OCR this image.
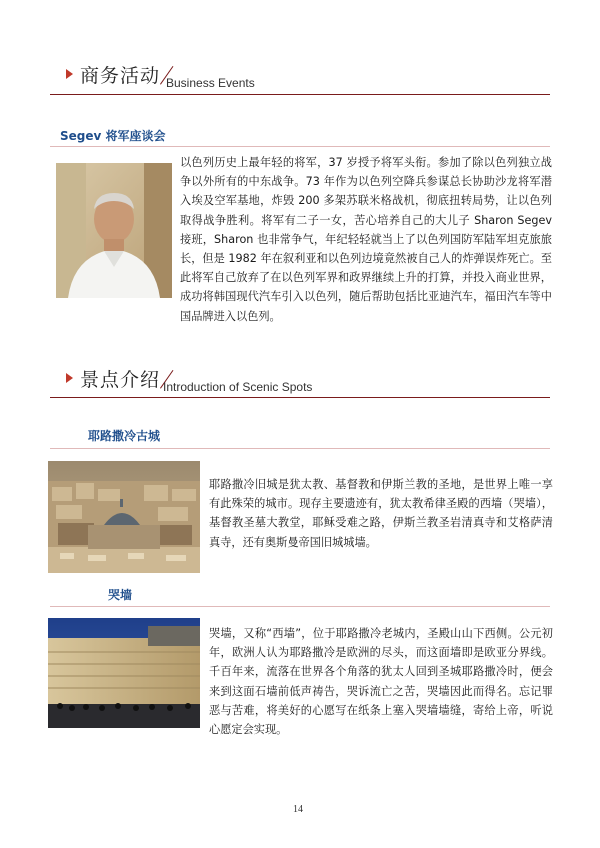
商务活动 Business Events
Segev 将军座谈会

以色列历史上最年轻的将军，37 岁授予将军头衔。参加了除以色列独立战争以外所有的中东战争。73 年作为以色列空降兵参谋总长协助沙龙将军潜入埃及空军基地，炸毁 200 多架苏联米格战机，彻底扭转局势，让以色列取得战争胜利。将军有二子一女，苦心培养自己的大儿子 Sharon Segev 接班，Sharon 也非常争气，年纪轻轻就当上了以色列国防军陆军坦克旅旅长，但是 1982 年在叙利亚和以色列边境竟然被自己人的炸弹误炸死亡。至此将军自己放弃了在以色列军界和政界继续上升的打算，并投入商业世界，成功将韩国现代汽车引入以色列，随后帮助包括比亚迪汽车，福田汽车等中国品牌进入以色列。

景点介绍 Introduction of Scenic Spots
耶路撒冷古城

耶路撒冷旧城是犹太教、基督教和伊斯兰教的圣地，是世界上唯一享有此殊荣的城市。现存主要遗迹有，犹太教希律圣殿的西墙（哭墙），基督教圣墓大教堂，耶稣受难之路，伊斯兰教圣岩清真寺和艾格萨清真寺，还有奥斯曼帝国旧城城墙。

哭墙

哭墙，又称“西墙”，位于耶路撒冷老城内，圣殿山山下西侧。公元初年，欧洲人认为耶路撒冷是欧洲的尽头，而这面墙即是欧亚分界线。千百年来，流落在世界各个角落的犹太人回到圣城耶路撒冷时，便会来到这面石墙前低声祷告，哭诉流亡之苦，哭墙因此而得名。忘记罪恶与苦难，将美好的心愿写在纸条上塞入哭墙墙缝，寄给上帝，听说心愿定会实现。

14
